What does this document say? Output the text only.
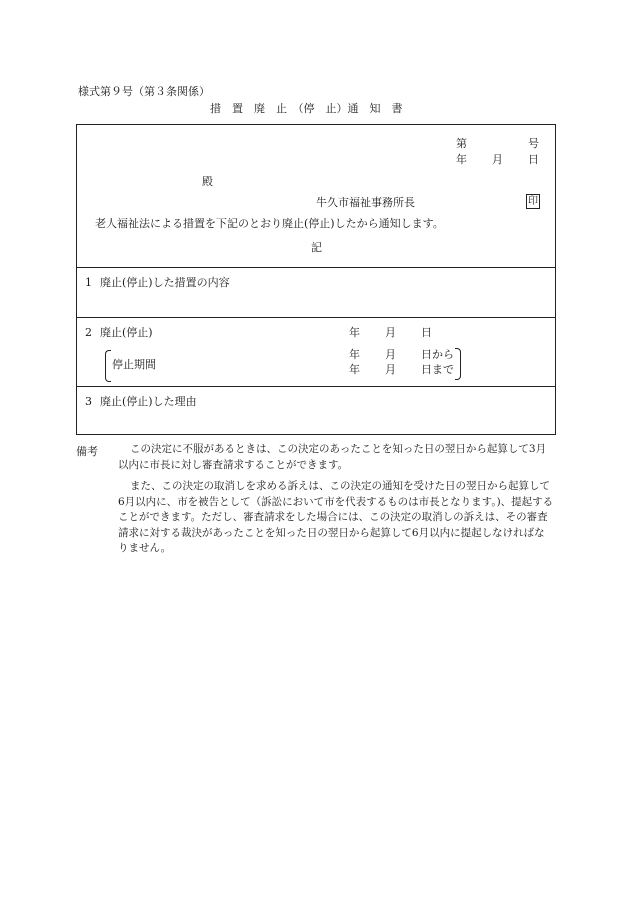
様式第９号（第３条関係）
措　置　廃　止　（停　止）通　知　書
第	号
年 月 日
殿
牛久市福祉事務所長	印
老人福祉法による措置を下記のとおり廃止(停止)したから通知します。
記
1 廃止(停止)した措置の内容
2 廃止(停止)	年 月 日
停止期間
年 月 日から
年 月 日まで
3 廃止(停止)した理由
備考	この決定に不服があるときは、この決定のあったことを知った日の翌日から起算して3月以内に市長に対し審査請求することができます。
また、この決定の取消しを求める訴えは、この決定の通知を受けた日の翌日から起算して6月以内に、市を被告として（訴訟において市を代表するものは市長となります。)、提起することができます。ただし、審査請求をした場合には、この決定の取消しの訴えは、その審査請求に対する裁決があったことを知った日の翌日から起算して6月以内に提起しなければなりません。
